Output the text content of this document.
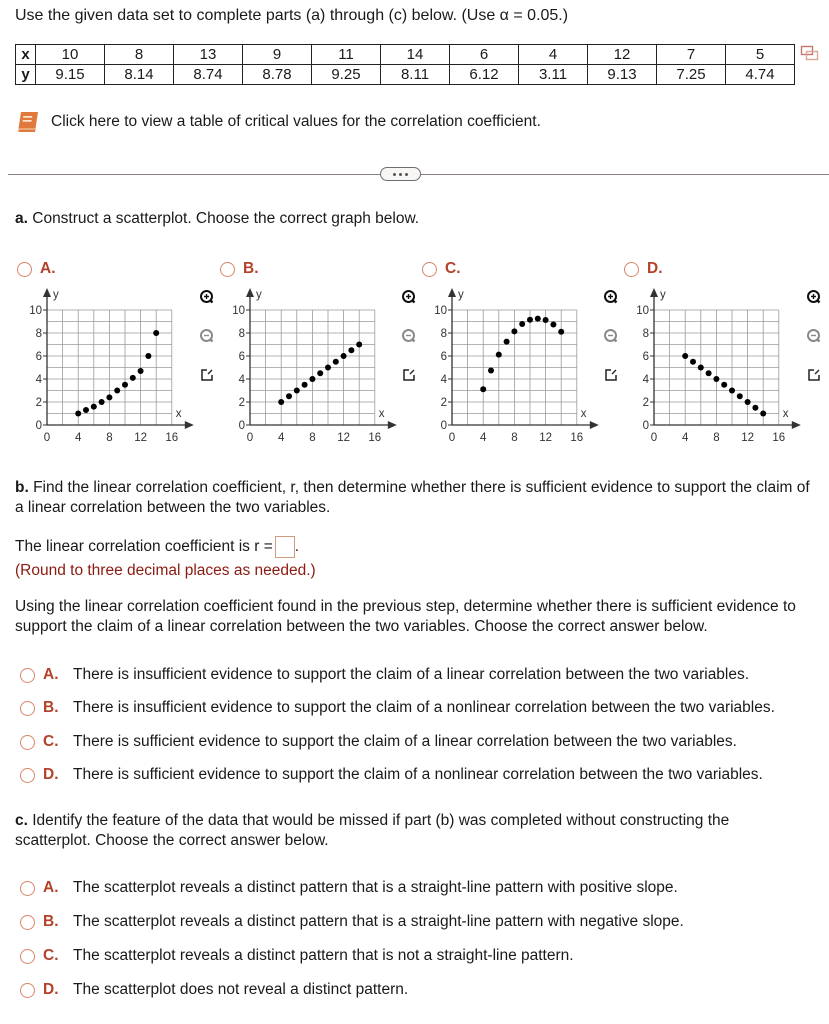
Use the given data set to complete parts (a) through (c) below. (Use α = 0.05.)
x	10	8	13	9	11	14	6	4	12	7	5
y	9.15	8.14	8.74	8.78	9.25	8.11	6.12	3.11	9.13	7.25	4.74
Click here to view a table of critical values for the correlation coefficient.
a. Construct a scatterplot. Choose the correct graph below.
A.	B.	C.	D.
0
2
4
6
8
10
0 4 8 12 16
y
x
0
2
4
6
8
10
0 4 8 12 16
y
x
0
2
4
6
8
10
0 4 8 12 16
y
x
0
2
4
6
8
10
0 4 8 12 16
y
x
b. Find the linear correlation coefficient, r, then determine whether there is sufficient evidence to support the claim of a linear correlation between the two variables.
The linear correlation coefficient is r = .
(Round to three decimal places as needed.)
Using the linear correlation coefficient found in the previous step, determine whether there is sufficient evidence to support the claim of a linear correlation between the two variables. Choose the correct answer below.
A. There is insufficient evidence to support the claim of a linear correlation between the two variables.
B. There is insufficient evidence to support the claim of a nonlinear correlation between the two variables.
C. There is sufficient evidence to support the claim of a linear correlation between the two variables.
D. There is sufficient evidence to support the claim of a nonlinear correlation between the two variables.
c. Identify the feature of the data that would be missed if part (b) was completed without constructing the scatterplot. Choose the correct answer below.
A. The scatterplot reveals a distinct pattern that is a straight-line pattern with positive slope.
B. The scatterplot reveals a distinct pattern that is a straight-line pattern with negative slope.
C. The scatterplot reveals a distinct pattern that is not a straight-line pattern.
D. The scatterplot does not reveal a distinct pattern.
